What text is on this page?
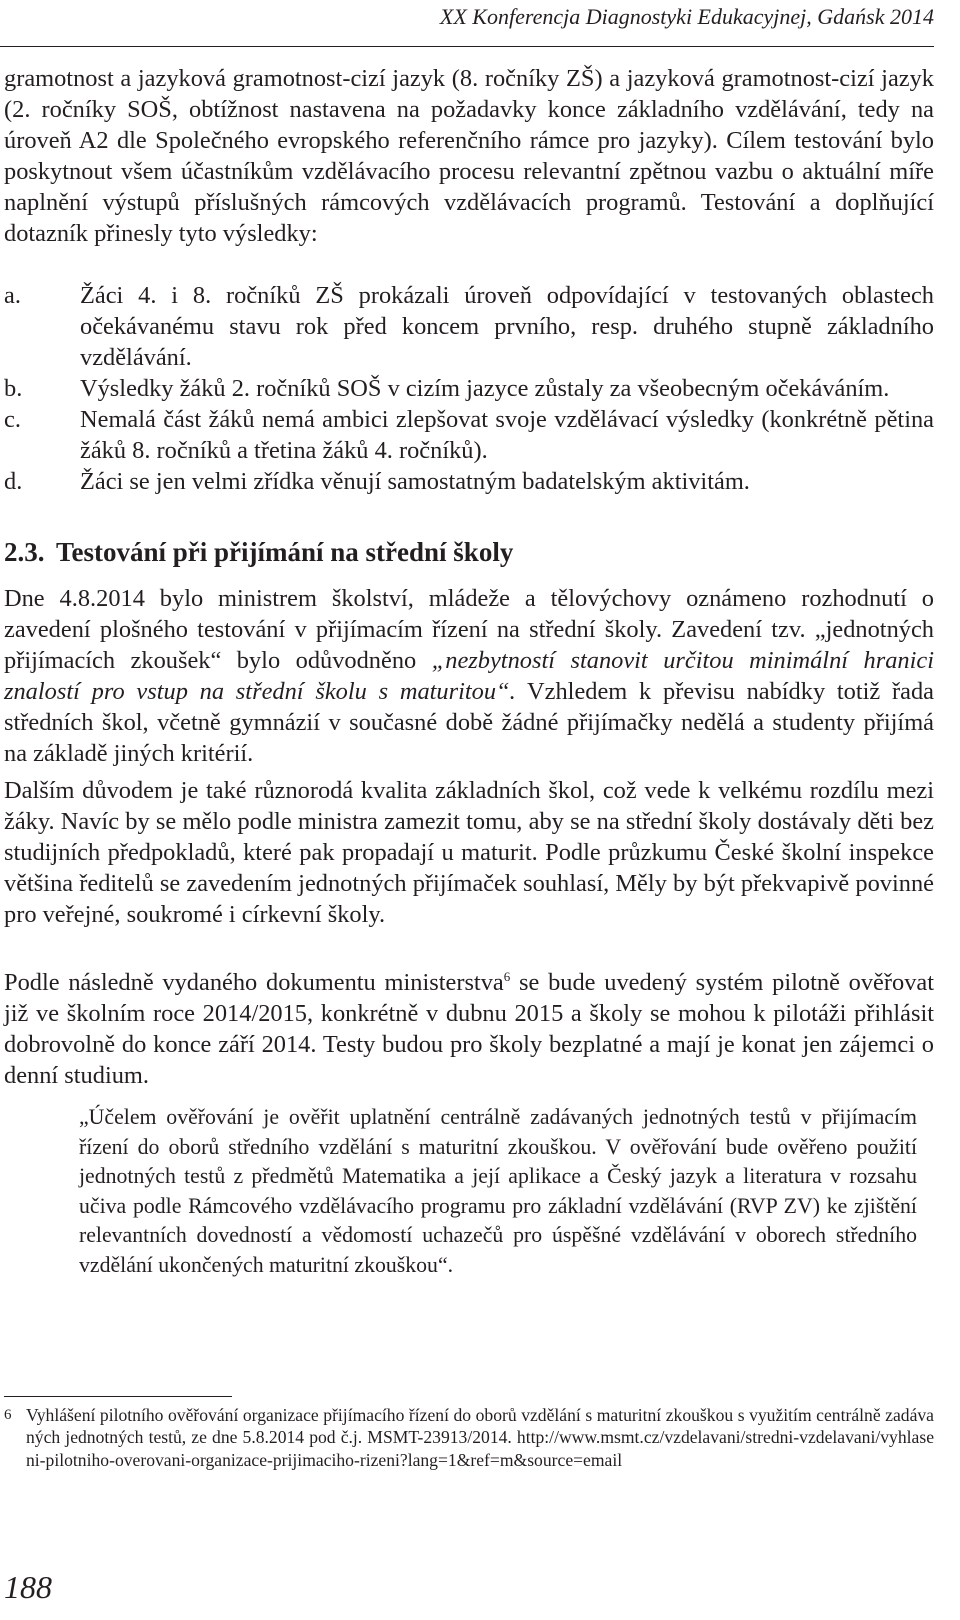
XX Konferencja Diagnostyki Edukacyjnej, Gdańsk 2014

gramotnost a jazyková gramotnost-cizí jazyk (8. ročníky ZŠ) a jazyková gramotnost-cizí jazyk (2. ročníky SOŠ, obtížnost nastavena na požadavky konce základního vzdělávání, tedy na úroveň A2 dle Společného evropského referenčního rámce pro jazyky). Cílem testování bylo poskytnout všem účastníkům vzdělávacího procesu relevantní zpětnou vazbu o aktuální míře naplnění výstupů příslušných rámcových vzdělávacích programů. Testování a doplňující dotazník přinesly tyto výsledky:

a. Žáci 4. i 8. ročníků ZŠ prokázali úroveň odpovídající v testovaných oblastech očekávanému stavu rok před koncem prvního, resp. druhého stupně základního vzdělávání.
b. Výsledky žáků 2. ročníků SOŠ v cizím jazyce zůstaly za všeobecným očekáváním.
c. Nemalá část žáků nemá ambici zlepšovat svoje vzdělávací výsledky (konkrétně pětina žáků 8. ročníků a třetina žáků 4. ročníků).
d. Žáci se jen velmi zřídka věnují samostatným badatelským aktivitám.
2.3. Testování při přijímání na střední školy

Dne 4.8.2014 bylo ministrem školství, mládeže a tělovýchovy oznámeno rozhodnutí o zavedení plošného testování v přijímacím řízení na střední školy. Zavedení tzv. „jednotných přijímacích zkoušek“ bylo odůvodněno „nezbytností stanovit určitou minimální hranici znalostí pro vstup na střední školu s maturitou“. Vzhledem k převisu nabídky totiž řada středních škol, včetně gymnázií v současné době žádné přijímačky nedělá a studenty přijímá na základě jiných kritérií.

Dalším důvodem je také různorodá kvalita základních škol, což vede k velkému rozdílu mezi žáky. Navíc by se mělo podle ministra zamezit tomu, aby se na střední školy dostávaly děti bez studijních předpokladů, které pak propadají u maturit. Podle průzkumu České školní inspekce většina ředitelů se zavedením jednotných přijímaček souhlasí, Měly by být překvapivě povinné pro veřejné, soukromé i církevní školy.

Podle následně vydaného dokumentu ministerstva$^6$ se bude uvedený systém pilotně ověřovat již ve školním roce 2014/2015, konkrétně v dubnu 2015 a školy se mohou k pilotáži přihlásit dobrovolně do konce září 2014. Testy budou pro školy bezplatné a mají je konat jen zájemci o denní studium.

„Účelem ověřování je ověřit uplatnění centrálně zadávaných jednotných testů v přijímacím řízení do oborů středního vzdělání s maturitní zkouškou. V ověřování bude ověřeno použití jednotných testů z předmětů Matematika a její aplikace a Český jazyk a literatura v rozsahu učiva podle Rámcového vzdělávacího programu pro základní vzdělávání (RVP ZV) ke zjištění relevantních dovedností a vědomostí uchazečů pro úspěšné vzdělávání v oborech středního vzdělání ukončených maturitní zkouškou“.
6 Vyhlášení pilotního ověřování organizace přijímacího řízení do oborů vzdělání s maturitní zkouškou s využitím centrálně zadávaných jednotných testů, ze dne 5.8.2014 pod č.j. MSMT-23913/2014. http://www.msmt.cz/vzdelavani/stredni-vzdelavani/vyhlaseni-pilotniho-overovani-organizace-prijimaciho-rizeni?lang=1&ref=m&source=email
188
